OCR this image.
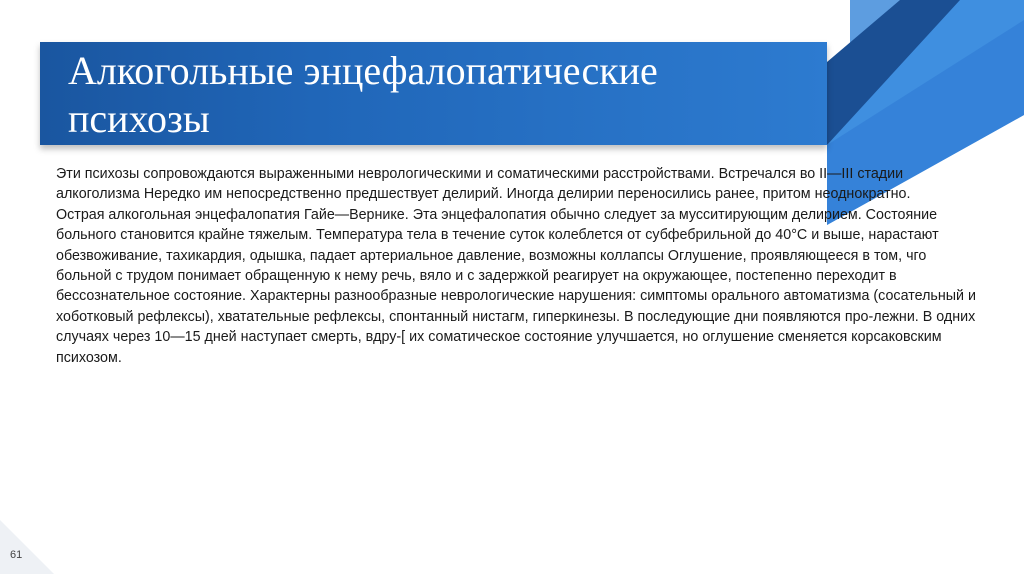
Алкогольные энцефалопатические
психозы

Эти психозы сопровождаются выраженными неврологическими и соматическими расстройствами. Встречался во II—III стадии алкоголизма Нередко им непосредственно предшествует делирий. Иногда делирии переносились ранее, притом неоднократно.

Острая алкогольная энцефалопатия Гайе—Вернике. Эта энцефалопатия обычно следует за мусситирующим делирием. Состояние больного становится крайне тяжелым. Температура тела в течение суток колеблется от субфебрильной до 40°С и выше, нарастают обезвоживание, тахикардия, одышка, падает артериальное давление, возможны коллапсы Оглушение, проявляющееся в том, чго больной с трудом понимает обращенную к нему речь, вяло и с задержкой реагирует на окружающее, постепенно переходит в бессознательное состояние. Характерны разнообразные неврологические нарушения: симптомы орального автоматизма (сосательный и хоботковый рефлексы), хватательные рефлексы, спонтанный нистагм, гиперкинезы. В последующие дни появляются про-лежни. В одних случаях через 10—15 дней наступает смерть, вдру-[ их соматическое состояние улучшается, но оглушение сменяется корсаковским психозом.

61
